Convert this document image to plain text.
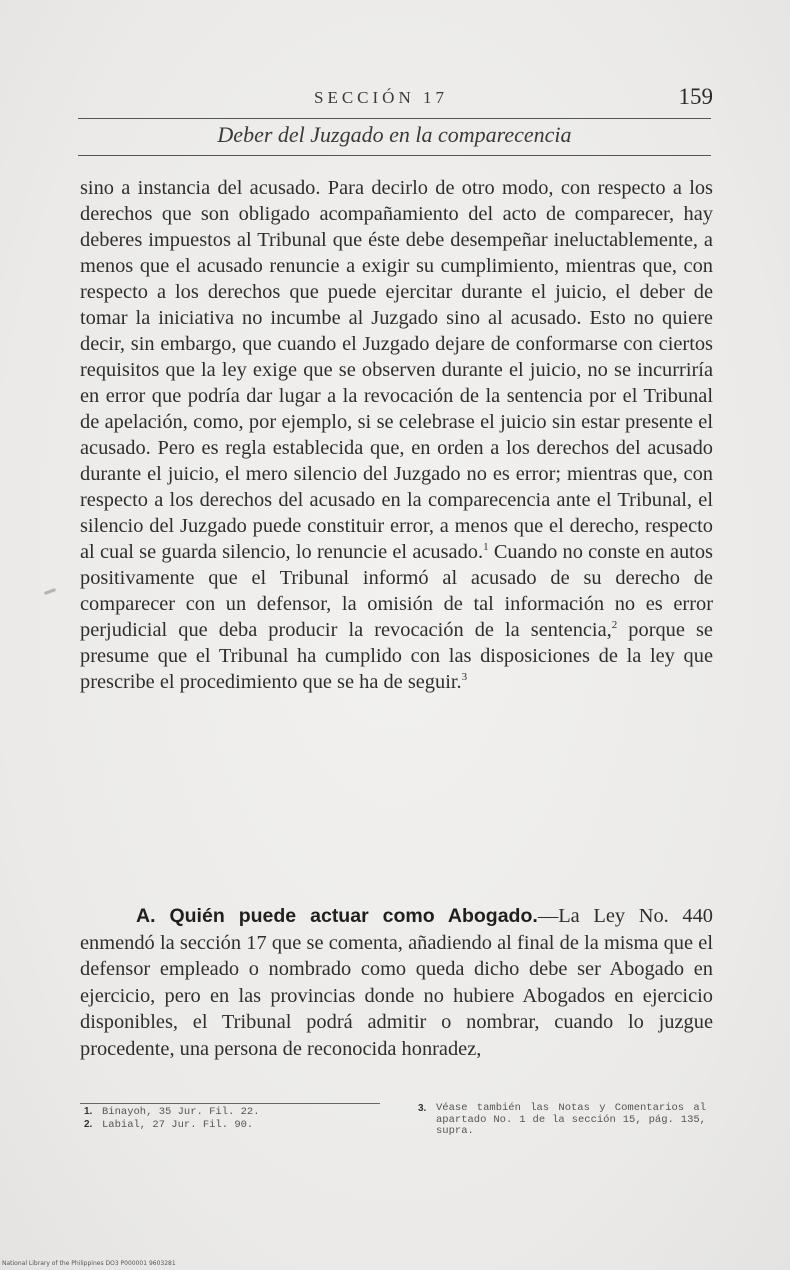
SECCIÓN 17	159
Deber del Juzgado en la comparecencia

sino a instancia del acusado. Para decirlo de otro modo, con respecto a los derechos que son obligado acompañamiento del acto de comparecer, hay deberes impuestos al Tribunal que éste debe desempeñar ineluctablemente, a menos que el acusado renuncie a exigir su cumplimiento, mientras que, con respecto a los derechos que puede ejercitar durante el juicio, el deber de tomar la iniciativa no incumbe al Juzgado sino al acusado. Esto no quiere decir, sin embargo, que cuando el Juzgado dejare de conformarse con ciertos requisitos que la ley exige que se observen durante el juicio, no se incurriría en error que podría dar lugar a la revocación de la sentencia por el Tribunal de apelación, como, por ejemplo, si se celebrase el juicio sin estar presente el acusado. Pero es regla establecida que, en orden a los derechos del acusado durante el juicio, el mero silencio del Juzgado no es error; mientras que, con respecto a los derechos del acusado en la comparecencia ante el Tribunal, el silencio del Juzgado puede constituir error, a menos que el derecho, respecto al cual se guarda silencio, lo renuncie el acusado.$^1$ Cuando no conste en autos positivamente que el Tribunal informó al acusado de su derecho de comparecer con un defensor, la omisión de tal información no es error perjudicial que deba producir la revocación de la sentencia,$^2$ porque se presume que el Tribunal ha cumplido con las disposiciones de la ley que prescribe el procedimiento que se ha de seguir.$^3$

A. Quién puede actuar como Abogado.—La Ley No. 440 enmendó la sección 17 que se comenta, añadiendo al final de la misma que el defensor empleado o nombrado como queda dicho debe ser Abogado en ejercicio, pero en las provincias donde no hubiere Abogados en ejercicio disponibles, el Tribunal podrá admitir o nombrar, cuando lo juzgue procedente, una persona de reconocida honradez,

1. Binayoh, 35 Jur. Fil. 22.
2. Labial, 27 Jur. Fil. 90.
3. Véase también las Notas y Comentarios al apartado No. 1 de la sección 15, pág. 135, supra.
National Library of the Philippines DO3 P000001 9603281
